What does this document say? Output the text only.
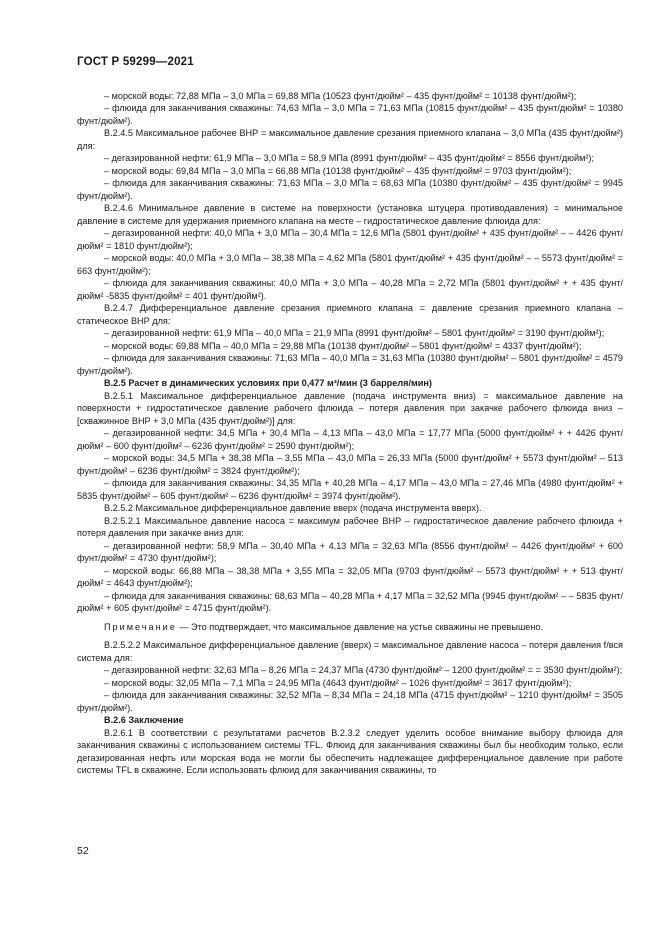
ГОСТ Р 59299—2021

– морской воды: 72,88 МПа – 3,0 МПа = 69,88 МПа (10523 фунт/дюйм² – 435 фунт/дюйм² = 10138 фунт/дюйм²);

– флюида для заканчивания скважины: 74,63 МПа – 3,0 МПа = 71,63 МПа (10815 фунт/дюйм² – 435 фунт/дюйм² = 10380 фунт/дюйм²).

В.2.4.5 Максимальное рабочее ВНР = максимальное давление срезания приемного клапана – 3,0 МПа (435 фунт/дюйм²) для:

– дегазированной нефти: 61,9 МПа – 3,0 МПа = 58,9 МПа (8991 фунт/дюйм² – 435 фунт/дюйм² = 8556 фунт/дюйм²);

– морской воды: 69,84 МПа – 3,0 МПа = 66,88 МПа (10138 фунт/дюйм² – 435 фунт/дюйм² = 9703 фунт/дюйм²);

– флюида для заканчивания скважины: 71,63 МПа – 3,0 МПа = 68,63 МПа (10380 фунт/дюйм² – 435 фунт/дюйм² = 9945 фунт/дюйм²).

В.2.4.6 Минимальное давление в системе на поверхности (установка штуцера противодавления) = минимальное давление в системе для удержания приемного клапана на месте – гидростатическое давление флюида для:

– дегазированной нефти: 40,0 МПа + 3,0 МПа – 30,4 МПа = 12,6 МПа (5801 фунт/дюйм² + 435 фунт/дюйм² – – 4426 фунт/дюйм² = 1810 фунт/дюйм²);

– морской воды: 40,0 МПа + 3,0 МПа – 38,38 МПа = 4,62 МПа (5801 фунт/дюйм² + 435 фунт/дюйм² – – 5573 фунт/дюйм² = 663 фунт/дюйм²);

– флюида для заканчивания скважины: 40,0 МПа + 3,0 МПа – 40,28 МПа = 2,72 МПа (5801 фунт/дюйм² + + 435 фунт/дюйм² -5835 фунт/дюйм² = 401 фунт/дюйм²).

В.2.4.7 Дифференциальное давление срезания приемного клапана = давление срезания приемного клапана – статическое ВНР для:

– дегазированной нефти: 61,9 МПа – 40,0 МПа = 21,9 МПа (8991 фунт/дюйм² – 5801 фунт/дюйм² = 3190 фунт/дюйм²);

– морской воды: 69,88 МПа – 40,0 МПа = 29,88 МПа (10138 фунт/дюйм² – 5801 фунт/дюйм² = 4337 фунт/дюйм²);

– флюида для заканчивания скважины: 71,63 МПа – 40,0 МПа = 31,63 МПа (10380 фунт/дюйм² – 5801 фунт/дюйм² = 4579 фунт/дюйм²).

В.2.5 Расчет в динамических условиях при 0,477 м³/мин (3 барреля/мин)

В.2.5.1 Максимальное дифференциальное давление (подача инструмента вниз) = максимальное давление на поверхности + гидростатическое давление рабочего флюида – потеря давления при закачке рабочего флюида вниз – [скважинное ВНР + 3,0 МПа (435 фунт/дюйм²)] для:

– дегазированной нефти: 34,5 МПа + 30,4 МПа – 4,13 МПа – 43,0 МПа = 17,77 МПа (5000 фунт/дюйм² + + 4426 фунт/дюйм² – 600 фунт/дюйм² – 6236 фунт/дюйм² = 2590 фунт/дюйм²);

– морской воды: 34,5 МПа + 38,38 МПа – 3,55 МПа – 43,0 МПа = 26,33 МПа (5000 фунт/дюйм² + 5573 фунт/дюйм² – 513 фунт/дюйм² – 6236 фунт/дюйм² = 3824 фунт/дюйм²);

– флюида для заканчивания скважины: 34,35 МПа + 40,28 МПа – 4,17 МПа – 43,0 МПа = 27,46 МПа (4980 фунт/дюйм² + 5835 фунт/дюйм² – 605 фунт/дюйм² – 6236 фунт/дюйм² = 3974 фунт/дюйм²).

В.2.5.2 Максимальное дифференциальное давление вверх (подача инструмента вверх).

В.2.5.2.1 Максимальное давление насоса = максимум рабочее ВНР – гидростатическое давление рабочего флюида + потеря давления при закачке вниз для:

– дегазированной нефти: 58,9 МПа – 30,40 МПа + 4,13 МПа = 32,63 МПа (8556 фунт/дюйм² – 4426 фунт/дюйм² + 600 фунт/дюйм² = 4730 фунт/дюйм²);

– морской воды: 66,88 МПа – 38,38 МПа + 3,55 МПа = 32,05 МПа (9703 фунт/дюйм² – 5573 фунт/дюйм² + + 513 фунт/дюйм² = 4643 фунт/дюйм²);

– флюида для заканчивания скважины: 68,63 МПа – 40,28 МПа + 4,17 МПа = 32,52 МПа (9945 фунт/дюйм² – – 5835 фунт/дюйм² + 605 фунт/дюйм² = 4715 фунт/дюйм²).

Примечание — Это подтверждает, что максимальное давление на устье скважины не превышено.

В.2.5.2.2 Максимальное дифференциальное давление (вверх) = максимальное давление насоса – потеря давления f/вся система для:

– дегазированной нефти: 32,63 МПа – 8,26 МПа = 24,37 МПа (4730 фунт/дюйм² – 1200 фунт/дюйм² = = 3530 фунт/дюйм²);

– морской воды: 32,05 МПа – 7,1 МПа = 24,95 МПа (4643 фунт/дюйм² – 1026 фунт/дюйм² = 3617 фунт/дюйм²);

– флюида для заканчивания скважины: 32,52 МПа – 8,34 МПа = 24,18 МПа (4715 фунт/дюйм² – 1210 фунт/дюйм² = 3505 фунт/дюйм²).

В.2.6 Заключение

В.2.6.1 В соответствии с результатами расчетов В.2.3.2 следует уделить особое внимание выбору флюида для заканчивания скважины с использованием системы TFL. Флюид для заканчивания скважины был бы необходим только, если дегазированная нефть или морская вода не могли бы обеспечить надлежащее дифференциальное давление при работе системы TFL в скважине. Если использовать флюид для заканчивания скважины, то

52
